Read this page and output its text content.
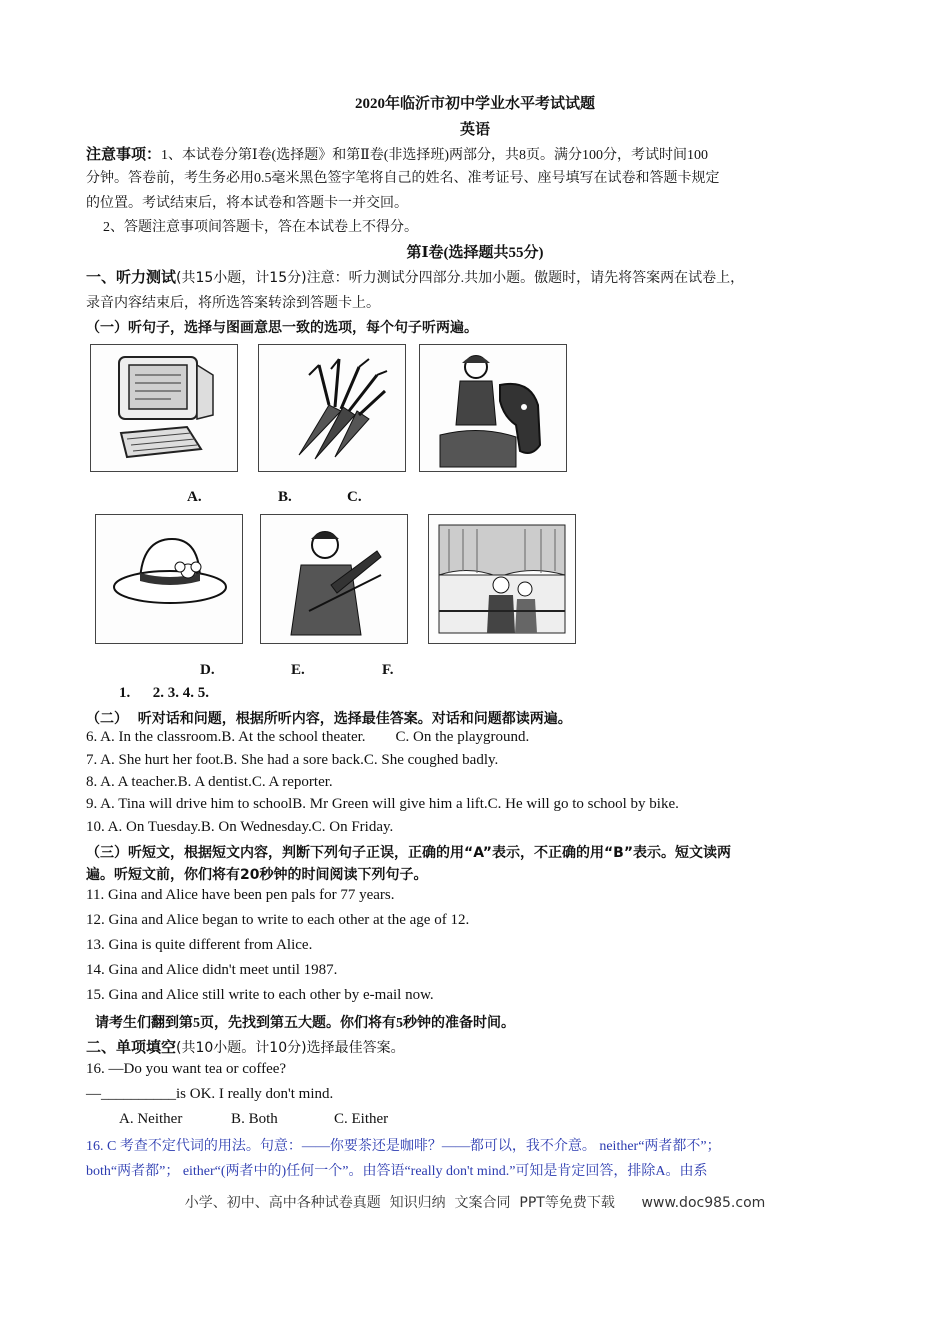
2020年临沂市初中学业水平考试试题
英语
注意事项：1、本试卷分第Ⅰ卷(选择题》和第Ⅱ卷(非选择班)两部分，共8页。满分100分，考试时间100
分钟。答卷前，考生务必用0.5毫米黑色签字笔将自己的姓名、准考证号、座号填写在试卷和答题卡规定
的位置。考试结束后，将本试卷和答题卡一并交回。
2、答题注意事项间答题卡，答在本试卷上不得分。
第Ⅰ卷(选择题共55分)
一、听力测试(共15小题，计15分)注意：听力测试分四部分.共加小题。傲题时，请先将答案两在试卷上，
录音内容结束后，将所选答案转涂到答题卡上。
（一）听句子，选择与图画意思一致的选项，每个句子听两遍。
A.	B.	C.
D.	E.	F.
1.      2. 3. 4. 5.
（二）  听对话和问题，根据所听内容，选择最佳答案。对话和问题都读两遍。
6. A. In the classroom.B. At the school theater.        C. On the playground.
7. A. She hurt her foot.B. She had a sore back.C. She coughed badly.
8. A. A teacher.B. A dentist.C. A reporter.
9. A. Tina will drive him to schoolB. Mr Green will give him a lift.C. He will go to school by bike.
10. A. On Tuesday.B. On Wednesday.C. On Friday.
（三）听短文，根据短文内容，判断下列句子正误，正确的用“A”表示，不正确的用“B”表示。短文读两
遍。听短文前，你们将有20秒钟的时间阅读下列句子。
11. Gina and Alice have been pen pals for 77 years.
12. Gina and Alice began to write to each other at the age of 12.
13. Gina is quite different from Alice.
14. Gina and Alice didn't meet until 1987.
15. Gina and Alice still write to each other by e-mail now.
请考生们翻到第5页，先找到第五大题。你们将有5秒钟的准备时间。
二、单项填空(共10小题。计10分)选择最佳答案。
16. —Do you want tea or coffee?
—__________is OK. I really don't mind.
A. Neither             B. Both               C. Either
16. C 考查不定代词的用法。句意：——你要茶还是咖啡？——都可以，我不介意。 neither“两者都不”；
both“两者都”； either“(两者中的)任何一个”。由答语“really don't mind.”可知是肯定回答，排除A。由系
小学、初中、高中各种试卷真题  知识归纳  文案合同  PPT等免费下载      www.doc985.com
